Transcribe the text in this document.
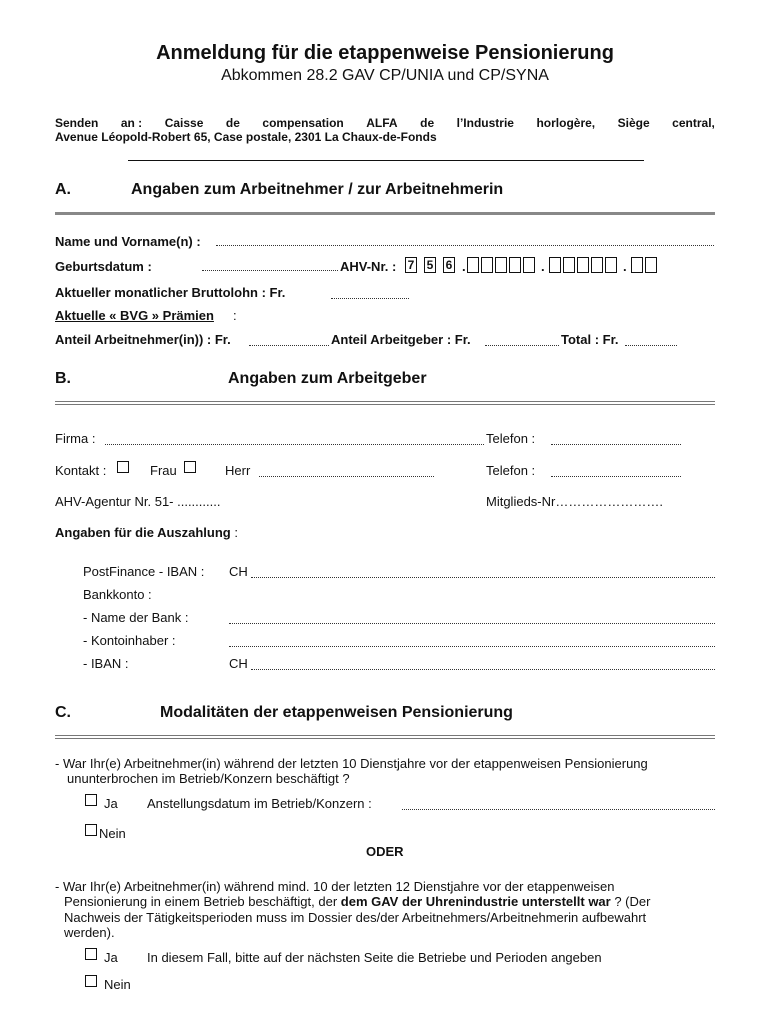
Anmeldung für die etappenweise Pensionierung
Abkommen 28.2 GAV CP/UNIA und CP/SYNA
Senden an : Caisse de compensation ALFA de l’Industrie horlogère, Siège central,
Avenue Léopold-Robert 65, Case postale, 2301 La Chaux-de-Fonds
A.	Angaben zum Arbeitnehmer / zur Arbeitnehmerin
Name und Vorname(n) :
Geburtsdatum :	AHV-Nr. : 7 5 6 .	.	.
Aktueller monatlicher Bruttolohn : Fr.
Aktuelle « BVG » Prämien :
Anteil Arbeitnehmer(in)) : Fr.	Anteil Arbeitgeber : Fr.	Total : Fr.
B.	Angaben zum Arbeitgeber
Firma :	Telefon :
Kontakt :	Frau	Herr	Telefon :
AHV-Agentur Nr. 51- ............	Mitglieds-Nr…………………….
Angaben für die Auszahlung :
PostFinance - IBAN : CH
Bankkonto :
- Name der Bank :
- Kontoinhaber :
- IBAN :	CH
C.	Modalitäten der etappenweisen Pensionierung
- War Ihr(e) Arbeitnehmer(in) während der letzten 10 Dienstjahre vor der etappenweisen Pensionierung
ununterbrochen im Betrieb/Konzern beschäftigt ?
Ja Anstellungsdatum im Betrieb/Konzern :
Nein
ODER
- War Ihr(e) Arbeitnehmer(in) während mind. 10 der letzten 12 Dienstjahre vor der etappenweisen
Pensionierung in einem Betrieb beschäftigt, der dem GAV der Uhrenindustrie unterstellt war ? (Der
Nachweis der Tätigkeitsperioden muss im Dossier des/der Arbeitnehmers/Arbeitnehmerin aufbewahrt
werden).
Ja In diesem Fall, bitte auf der nächsten Seite die Betriebe und Perioden angeben
Nein
